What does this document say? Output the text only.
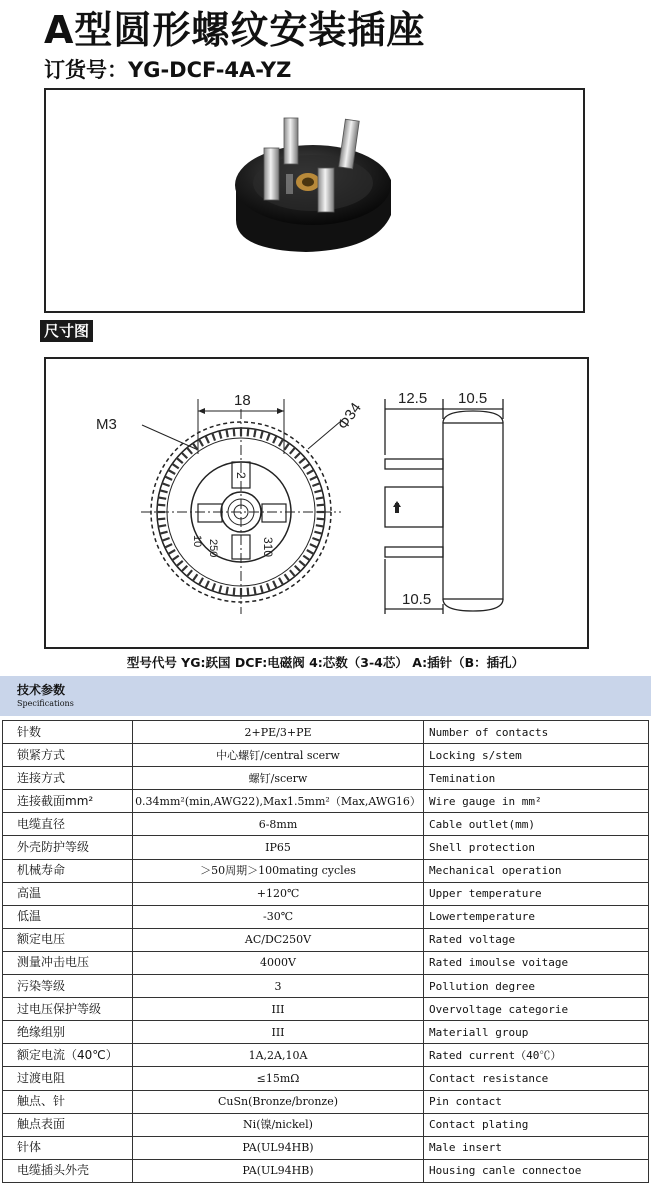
A型圆形螺纹安装插座
订货号：YG-DCF-4A-YZ
尺寸图
M3
18	Φ34
12.5 10.5
10.5
2
310
250
10
型号代号 YG:跃国 DCF:电磁阀 4:芯数（3-4芯） A:插针（B：插孔）
技术参数
Specifications
针数	2+PE/3+PE	Number of contacts
锁紧方式	中心螺钉/central scerw	Locking s/stem
连接方式	螺钉/scerw	Temination
连接截面mm²	0.34mm²(min,AWG22),Max1.5mm²（Max,AWG16）	Wire gauge in mm²
电缆直径	6-8mm	Cable outlet(mm)
外壳防护等级	IP65	Shell protection
机械寿命	＞50周期＞100mating cycles	Mechanical operation
高温	+120℃	Upper temperature
低温	-30℃	Lowertemperature
额定电压	AC/DC250V	Rated voltage
测量冲击电压	4000V	Rated imoulse voitage
污染等级	3	Pollution degree
过电压保护等级	III	Overvoltage categorie
绝缘组别	III	Materiall group
额定电流（40℃）	1A,2A,10A	Rated current（40℃）
过渡电阻	≤15mΩ	Contact resistance
触点、针	CuSn(Bronze/bronze)	Pin contact
触点表面	Ni(镍/nickel)	Contact plating
针体	PA(UL94HB)	Male insert
电缆插头外壳	PA(UL94HB)	Housing canle connectoe
